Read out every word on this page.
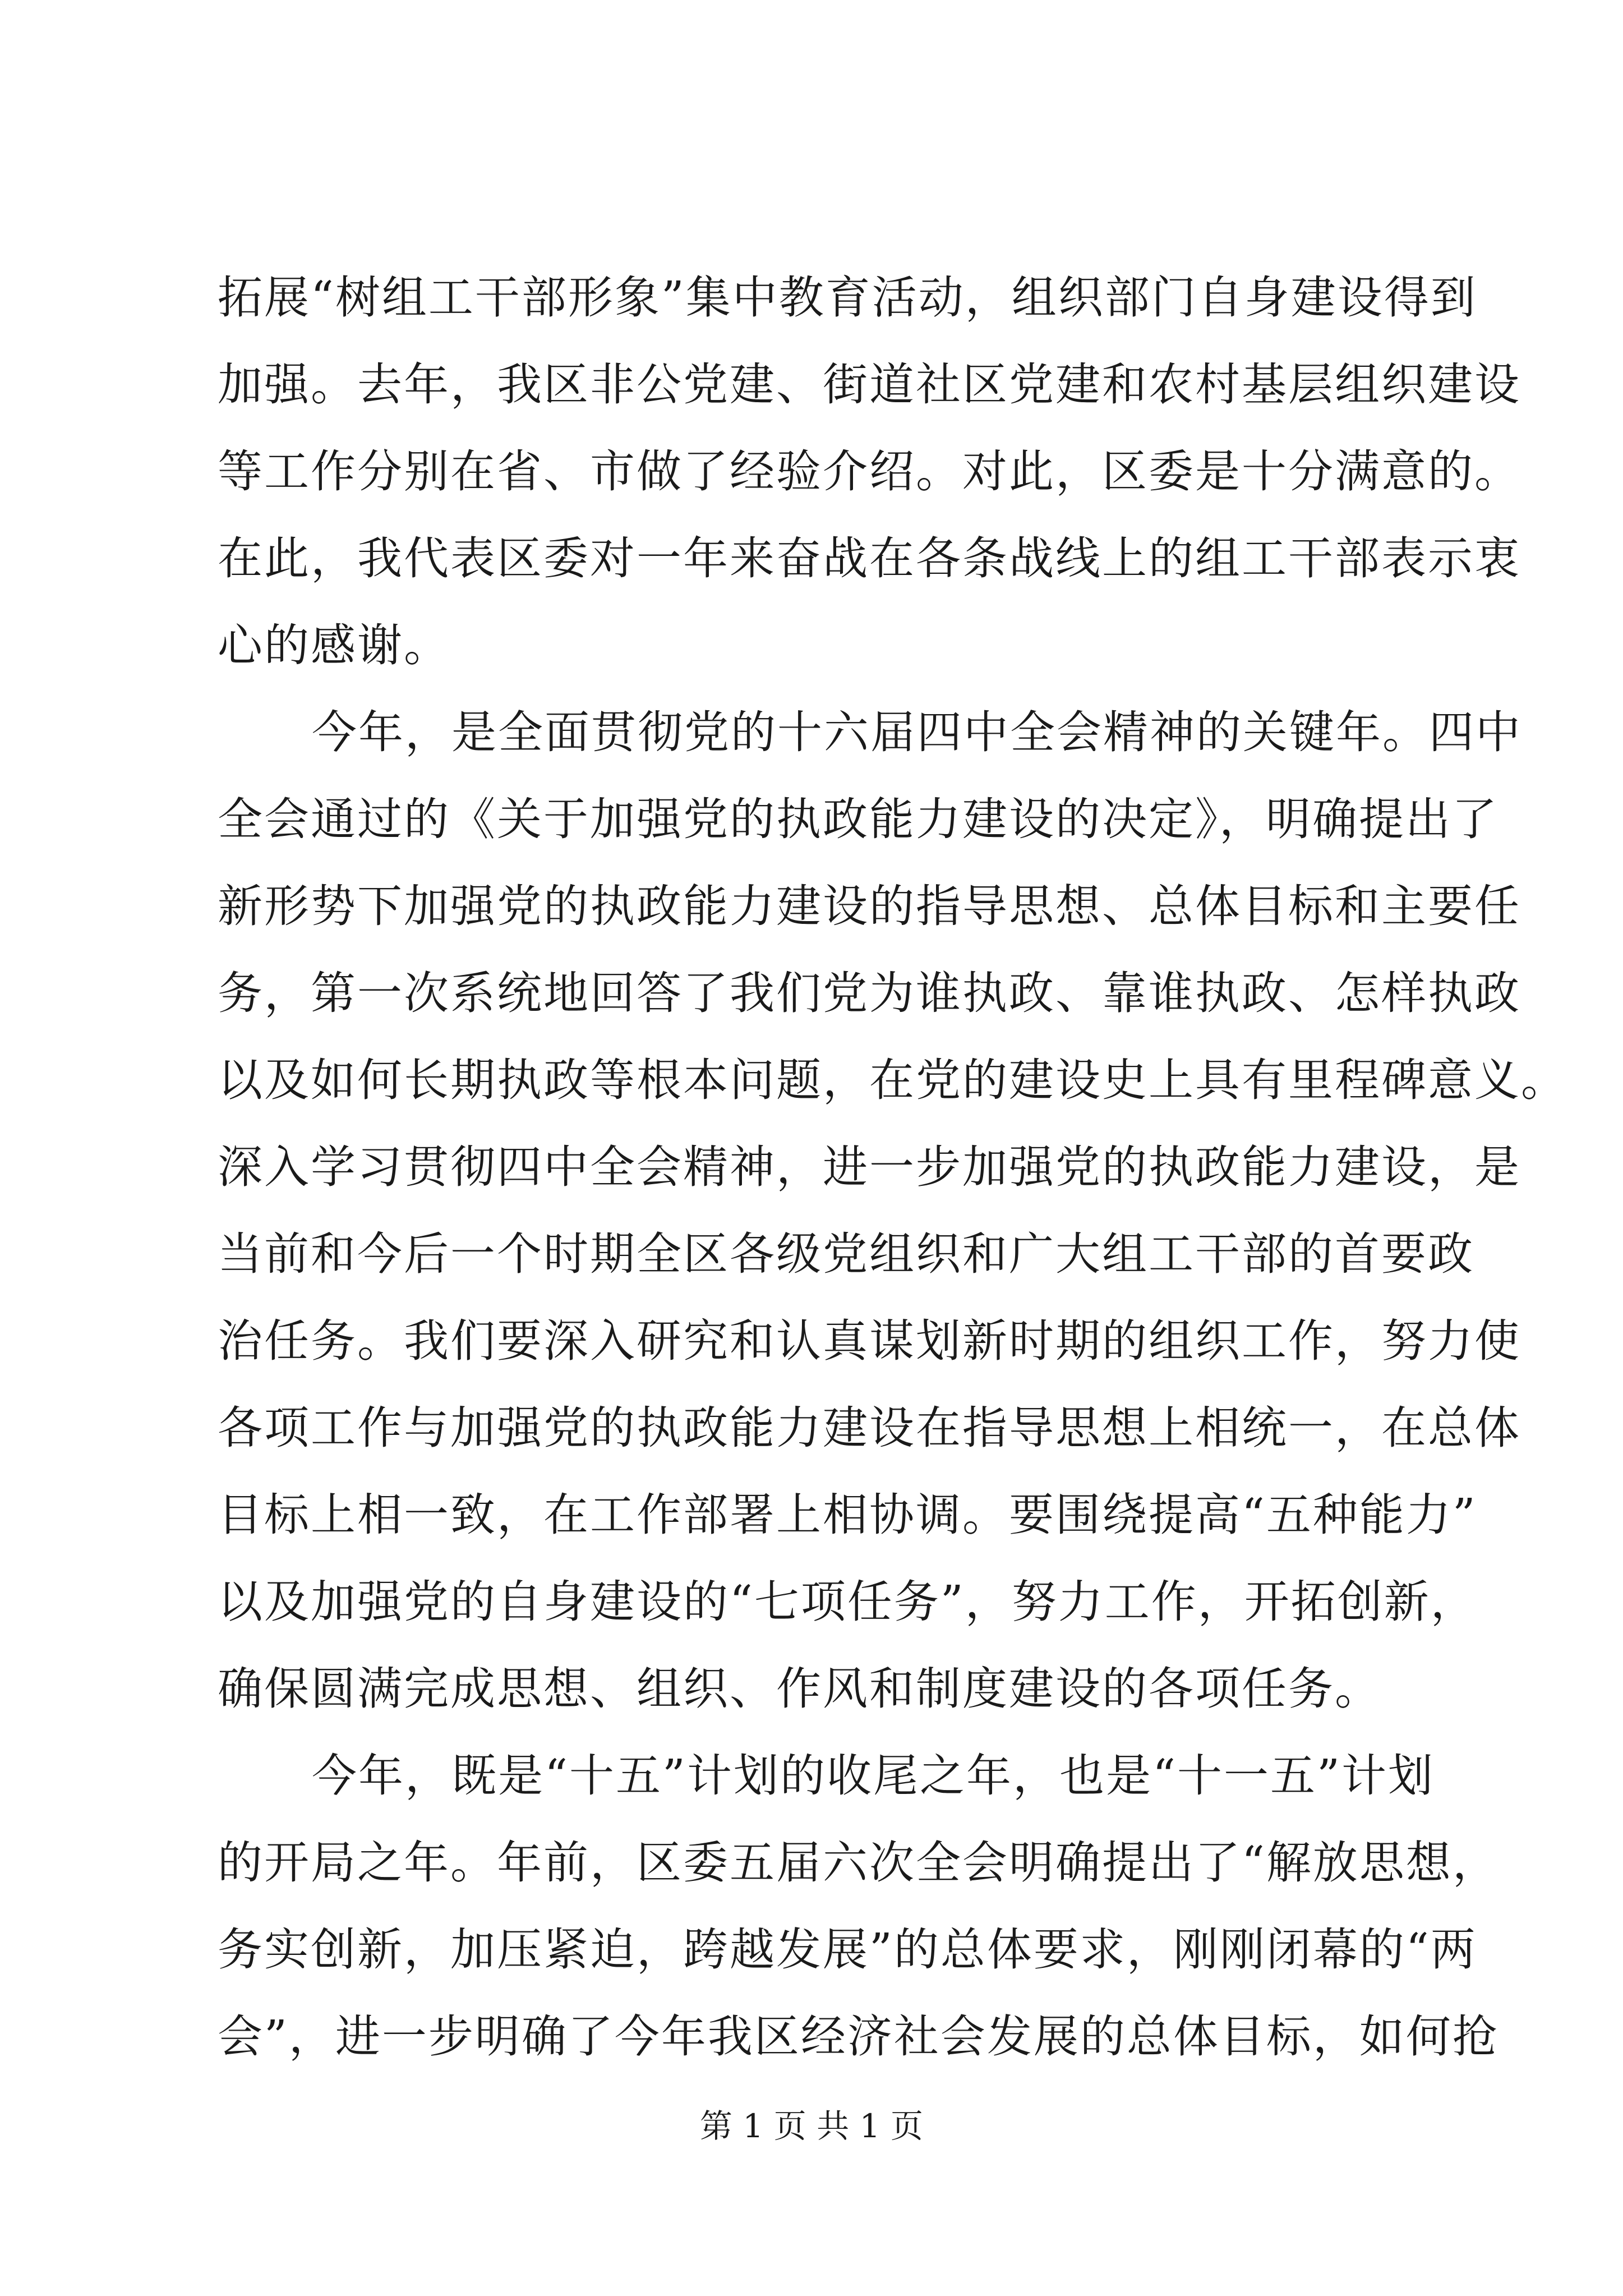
拓展“树组工干部形象”集中教育活动，组织部门自身建设得到
加强。去年，我区非公党建、街道社区党建和农村基层组织建设
等工作分别在省、市做了经验介绍。对此，区委是十分满意的。
在此，我代表区委对一年来奋战在各条战线上的组工干部表示衷
心的感谢。
今年，是全面贯彻党的十六届四中全会精神的关键年。四中
全会通过的《关于加强党的执政能力建设的决定》，明确提出了
新形势下加强党的执政能力建设的指导思想、总体目标和主要任
务，第一次系统地回答了我们党为谁执政、靠谁执政、怎样执政
以及如何长期执政等根本问题，在党的建设史上具有里程碑意义。
深入学习贯彻四中全会精神，进一步加强党的执政能力建设，是
当前和今后一个时期全区各级党组织和广大组工干部的首要政
治任务。我们要深入研究和认真谋划新时期的组织工作，努力使
各项工作与加强党的执政能力建设在指导思想上相统一，在总体
目标上相一致，在工作部署上相协调。要围绕提高“五种能力”
以及加强党的自身建设的“七项任务”，努力工作，开拓创新，
确保圆满完成思想、组织、作风和制度建设的各项任务。
今年，既是“十五”计划的收尾之年，也是“十一五”计划
的开局之年。年前，区委五届六次全会明确提出了“解放思想，
务实创新，加压紧迫，跨越发展”的总体要求，刚刚闭幕的“两
会”，进一步明确了今年我区经济社会发展的总体目标，如何抢
第 1 页 共 1 页
